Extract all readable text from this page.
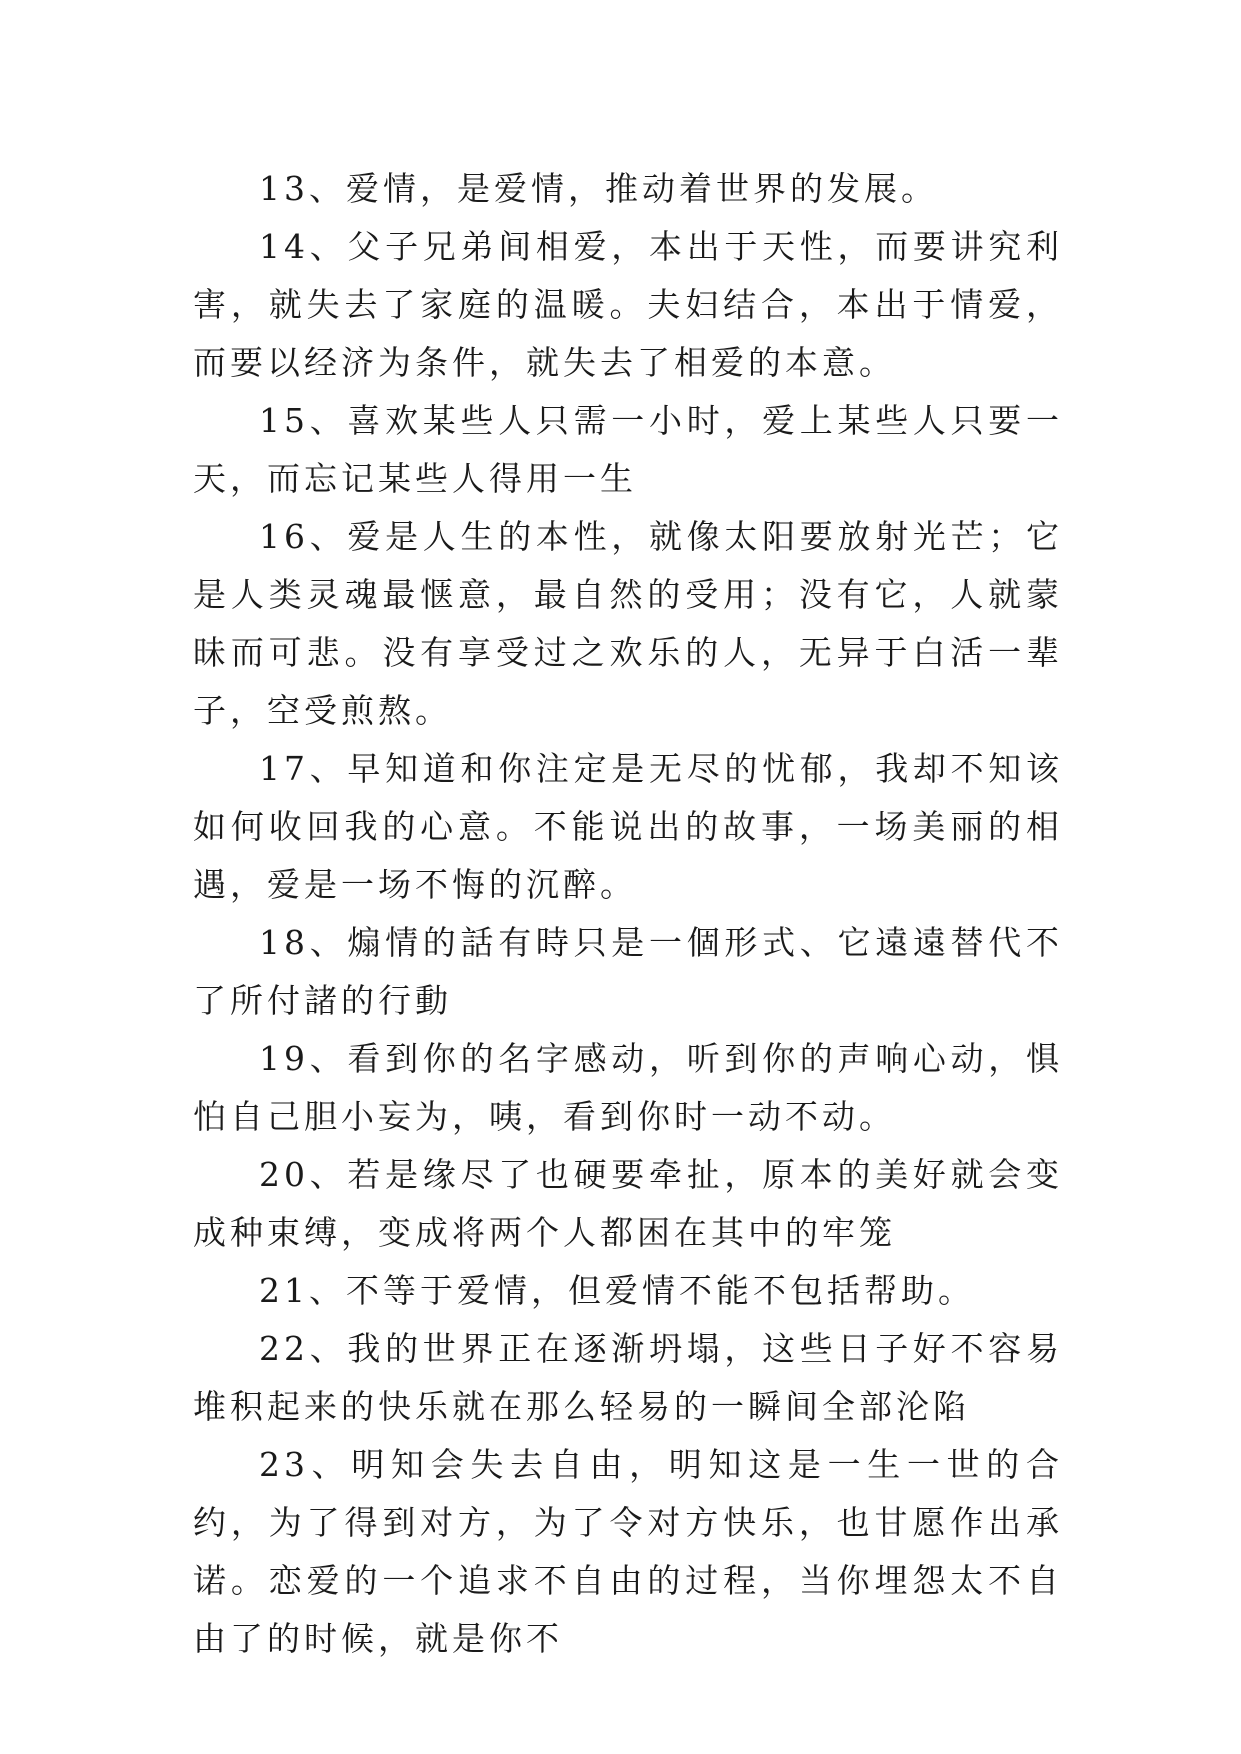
13、爱情，是爱情，推动着世界的发展。

14、父子兄弟间相爱，本出于天性，而要讲究利害，就失去了家庭的温暖。夫妇结合，本出于情爱，而要以经济为条件，就失去了相爱的本意。

15、喜欢某些人只需一小时，爱上某些人只要一天，而忘记某些人得用一生

16、爱是人生的本性，就像太阳要放射光芒；它是人类灵魂最惬意，最自然的受用；没有它，人就蒙昧而可悲。没有享受过之欢乐的人，无异于白活一辈子，空受煎熬。

17、早知道和你注定是无尽的忧郁，我却不知该如何收回我的心意。不能说出的故事，一场美丽的相遇，爱是一场不悔的沉醉。

18、煽情的話有時只是一個形式、它遠遠替代不了所付諸的行動

19、看到你的名字感动，听到你的声响心动，惧怕自己胆小妄为，咦，看到你时一动不动。

20、若是缘尽了也硬要牵扯，原本的美好就会变成种束缚，变成将两个人都困在其中的牢笼

21、不等于爱情，但爱情不能不包括帮助。

22、我的世界正在逐渐坍塌，这些日子好不容易堆积起来的快乐就在那么轻易的一瞬间全部沦陷

23、明知会失去自由，明知这是一生一世的合约，为了得到对方，为了令对方快乐，也甘愿作出承诺。恋爱的一个追求不自由的过程，当你埋怨太不自由了的时候，就是你不
